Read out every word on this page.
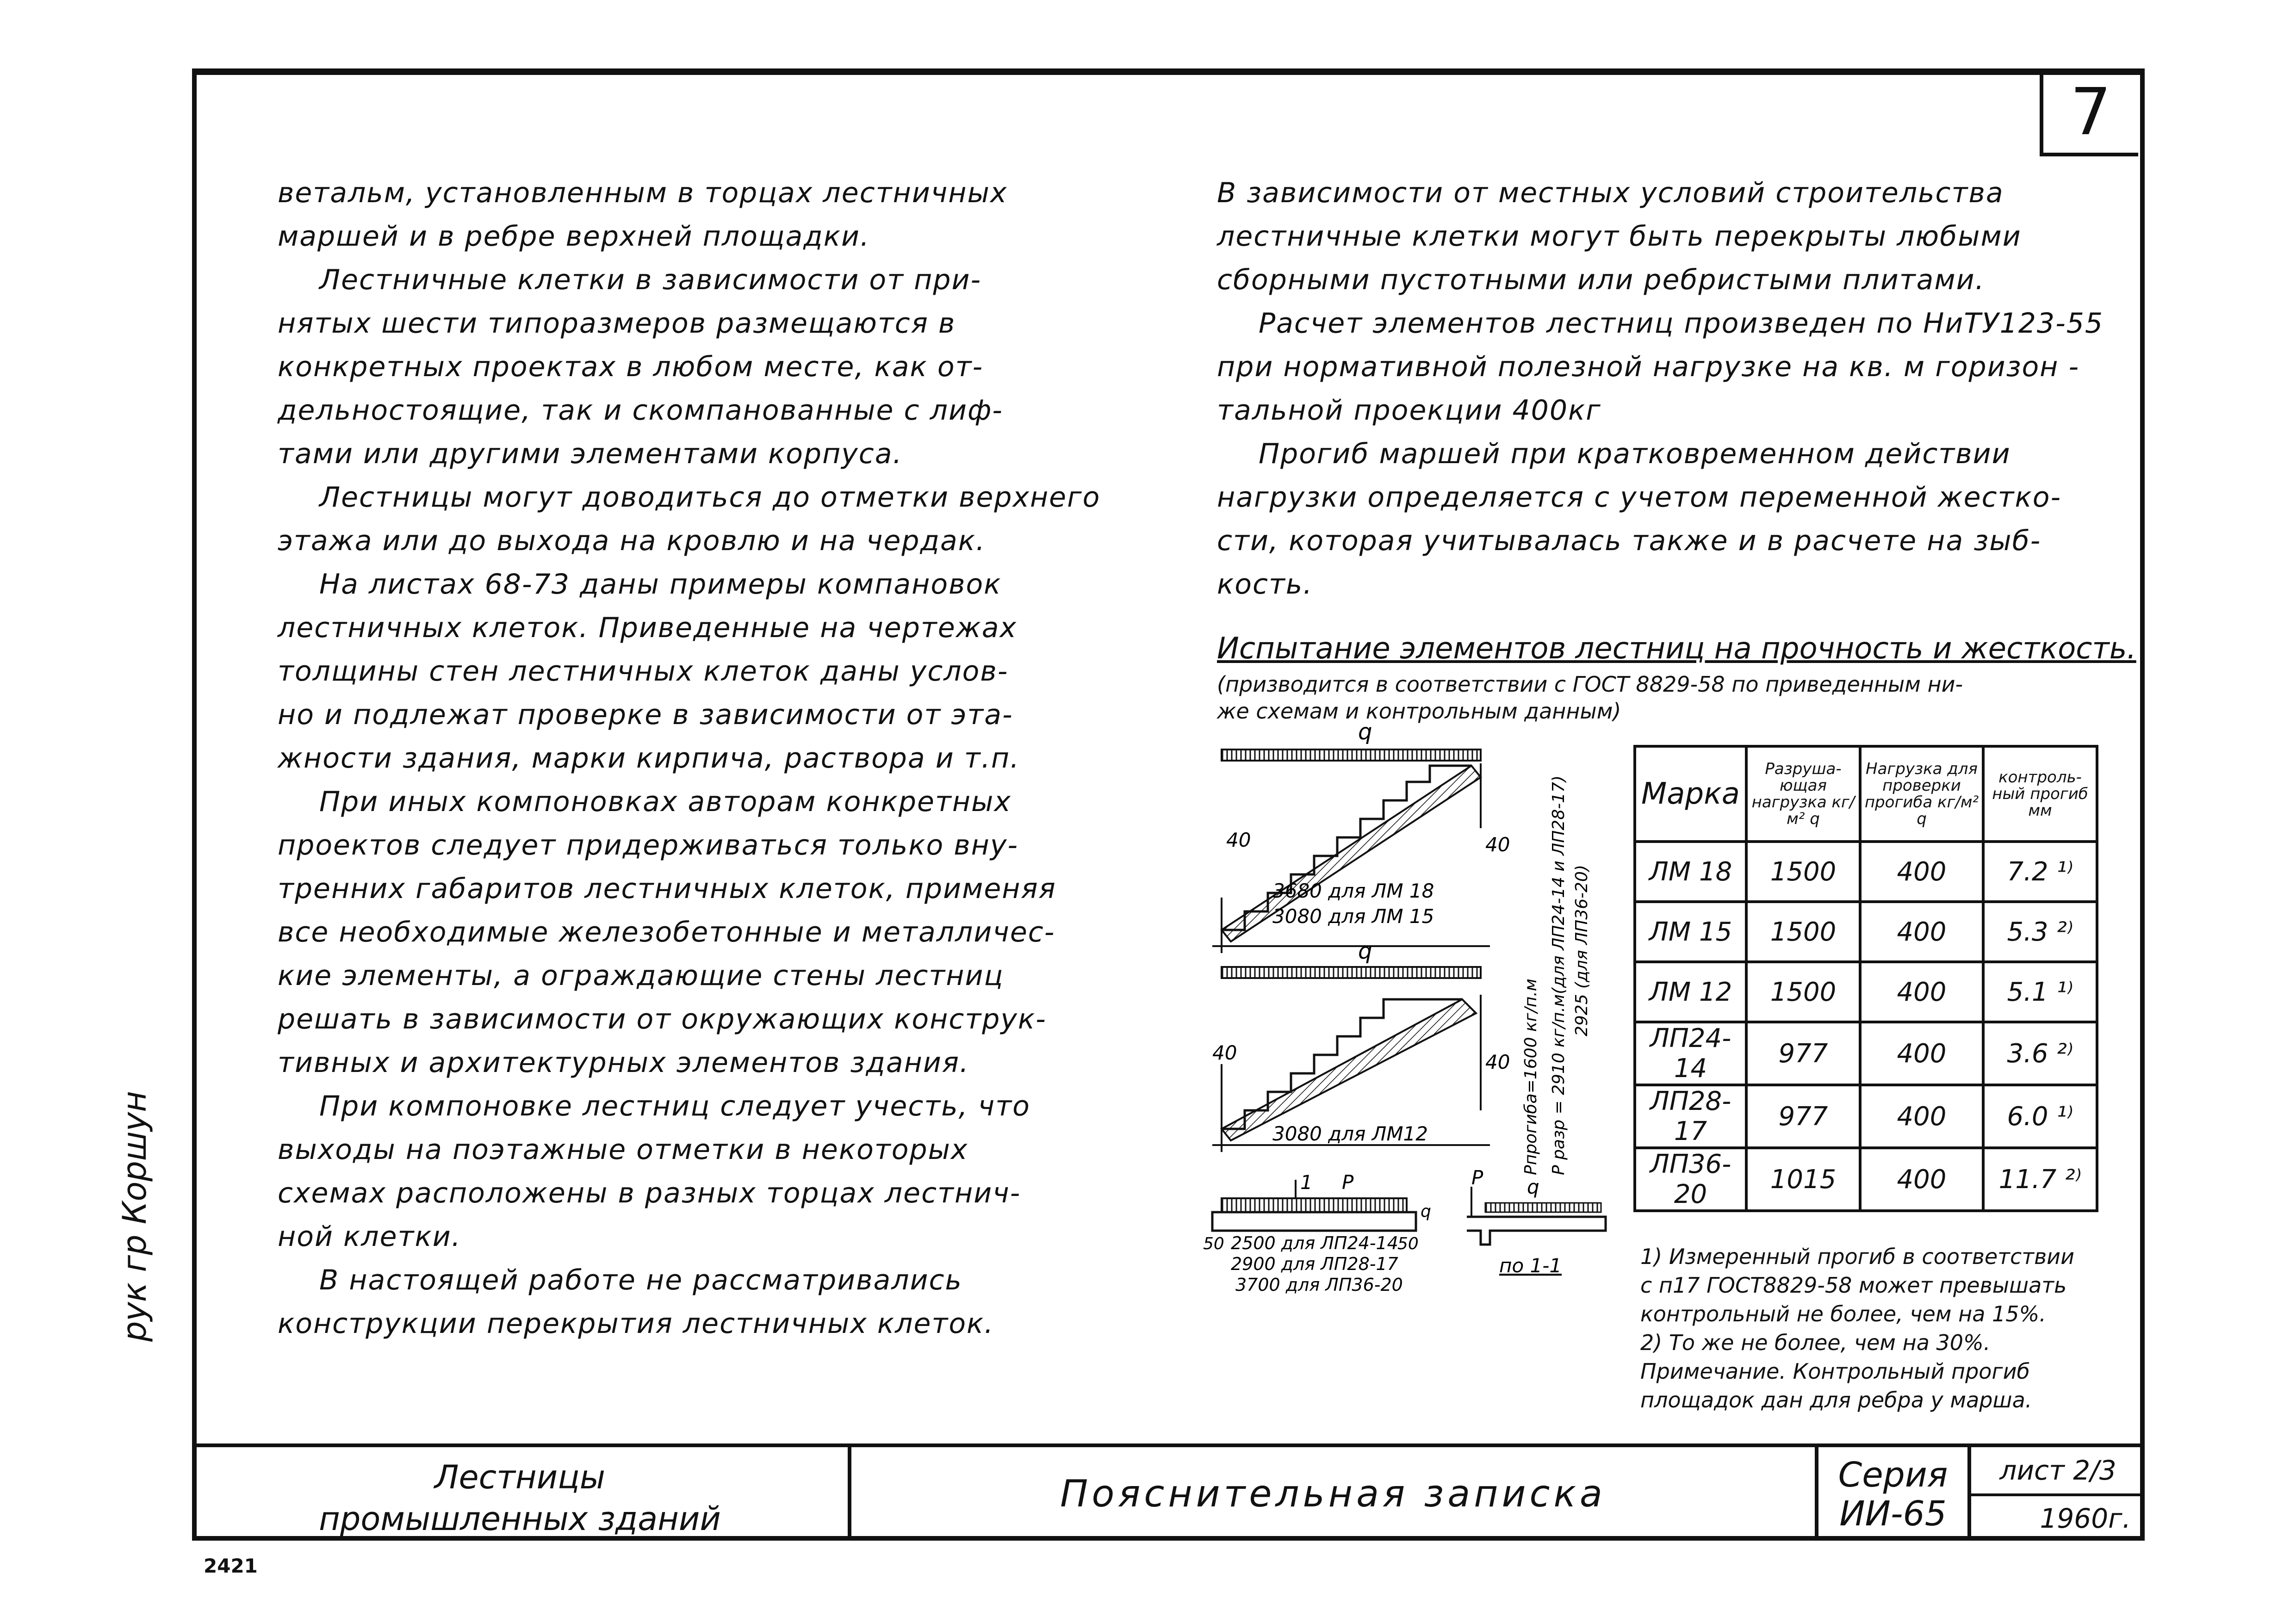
7
ветальм, установленным в торцах лестничных
маршей и в ребре верхней площадки.
Лестничные клетки в зависимости от при-
нятых шести типоразмеров размещаются в
конкретных проектах в любом месте, как от-
дельностоящие, так и скомпанованные с лиф-
тами или другими элементами корпуса.
Лестницы могут доводиться до отметки верхнего
этажа или до выхода на кровлю и на чердак.
На листах 68-73 даны примеры компановок
лестничных клеток. Приведенные на чертежах
толщины стен лестничных клеток даны услов-
но и подлежат проверке в зависимости от эта-
жности здания, марки кирпича, раствора и т.п.
При иных компоновках авторам конкретных
проектов следует придерживаться только вну-
тренних габаритов лестничных клеток, применяя
все необходимые железобетонные и металличес-
кие элементы, а ограждающие стены лестниц
решать в зависимости от окружающих конструк-
тивных и архитектурных элементов здания.
При компоновке лестниц следует учесть, что
выходы на поэтажные отметки в некоторых
схемах расположены в разных торцах лестнич-
ной клетки.
В настоящей работе не рассматривались
конструкции перекрытия лестничных клеток.
В зависимости от местных условий строительства
лестничные клетки могут быть перекрыты любыми
сборными пустотными или ребристыми плитами.
Расчет элементов лестниц произведен по НиТУ123-55
при нормативной полезной нагрузке на кв. м горизон -
тальной проекции 400кг
Прогиб маршей при кратковременном действии
нагрузки определяется с учетом переменной жестко-
сти, которая учитывалась также и в расчете на зыб-
кость.
Испытание элементов лестниц на прочность и жесткость.
(призводится в соответствии с ГОСТ 8829-58 по приведенным ни-
же схемам и контрольным данным)
q
40	40
3680 для ЛМ 18
3080 для ЛМ 15
q
40	40
3080 для ЛМ12
1 P
q
50 2500 для ЛП24-14
50
2900 для ЛП28-17
3700 для ЛП36-20
P q
по 1-1
Рпрогиба=1600 кг/п.м Р разр = 2910 кг/п.м(для ЛП24-14 и ЛП28-17) 2925 (для ЛП36-20)
Марка	Разруша-ющая нагрузка кг/м² q	Нагрузка для проверки прогиба кг/м² q	контроль-ный прогиб мм
ЛМ 18	1500	400	7.2 ¹⁾
ЛМ 15	1500	400	5.3 ²⁾
ЛМ 12	1500	400	5.1 ¹⁾
ЛП24-14	977	400	3.6 ²⁾
ЛП28-17	977	400	6.0 ¹⁾
ЛП36-20	1015	400	11.7 ²⁾
1) Измеренный прогиб в соответствии
с п17 ГОСТ8829-58 может превышать
контрольный не более, чем на 15%.
2) То же не более, чем на 30%.
Примечание. Контрольный прогиб
площадок дан для ребра у марша.
Лестницы
промышленных зданий
Пояснительная записка	Серия
ИИ-65
лист 2/3
1960г.
рук гр Коршун
2421
